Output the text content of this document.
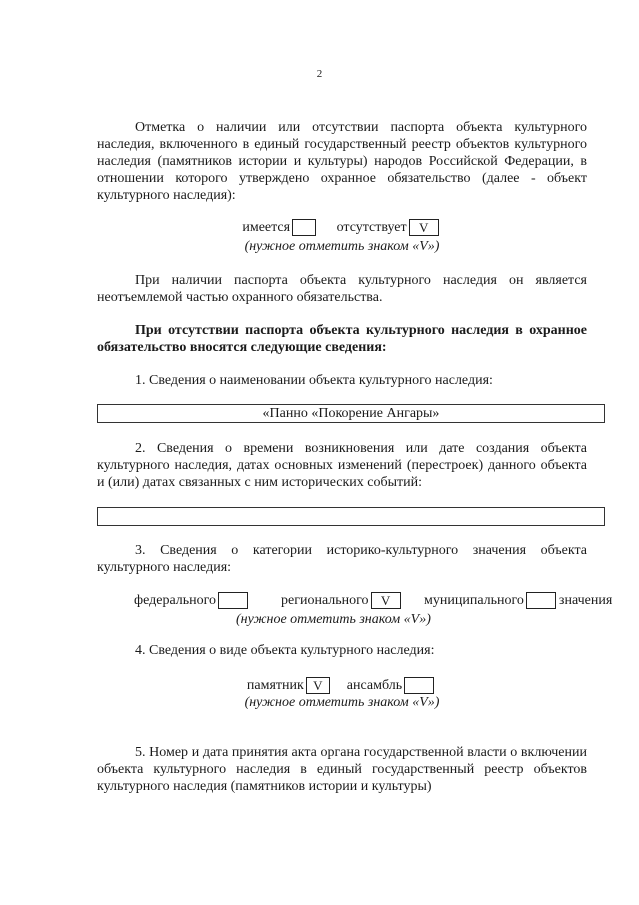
2
Отметка о наличии или отсутствии паспорта объекта культурного наследия, включенного в единый государственный реестр объектов культурного наследия (памятников истории и культуры) народов Российской Федерации, в отношении которого утверждено охранное обязательство (далее - объект культурного наследия):
имеется	отсутствует V
(нужное отметить знаком «V»)
При наличии паспорта объекта культурного наследия он является неотъемлемой частью охранного обязательства.
При отсутствии паспорта объекта культурного наследия в охранное обязательство вносятся следующие сведения:
1. Сведения о наименовании объекта культурного наследия:
«Панно «Покорение Ангары»
2. Сведения о времени возникновения или дате создания объекта культурного наследия, датах основных изменений (перестроек) данного объекта и (или) датах связанных с ним исторических событий:
3. Сведения о категории историко-культурного значения объекта культурного наследия:
федерального	регионального V	муниципального	значения
(нужное отметить знаком «V»)
4. Сведения о виде объекта культурного наследия:
памятник V ансамбль
(нужное отметить знаком «V»)
5. Номер и дата принятия акта органа государственной власти о включении объекта культурного наследия в единый государственный реестр объектов культурного наследия (памятников истории и культуры)
